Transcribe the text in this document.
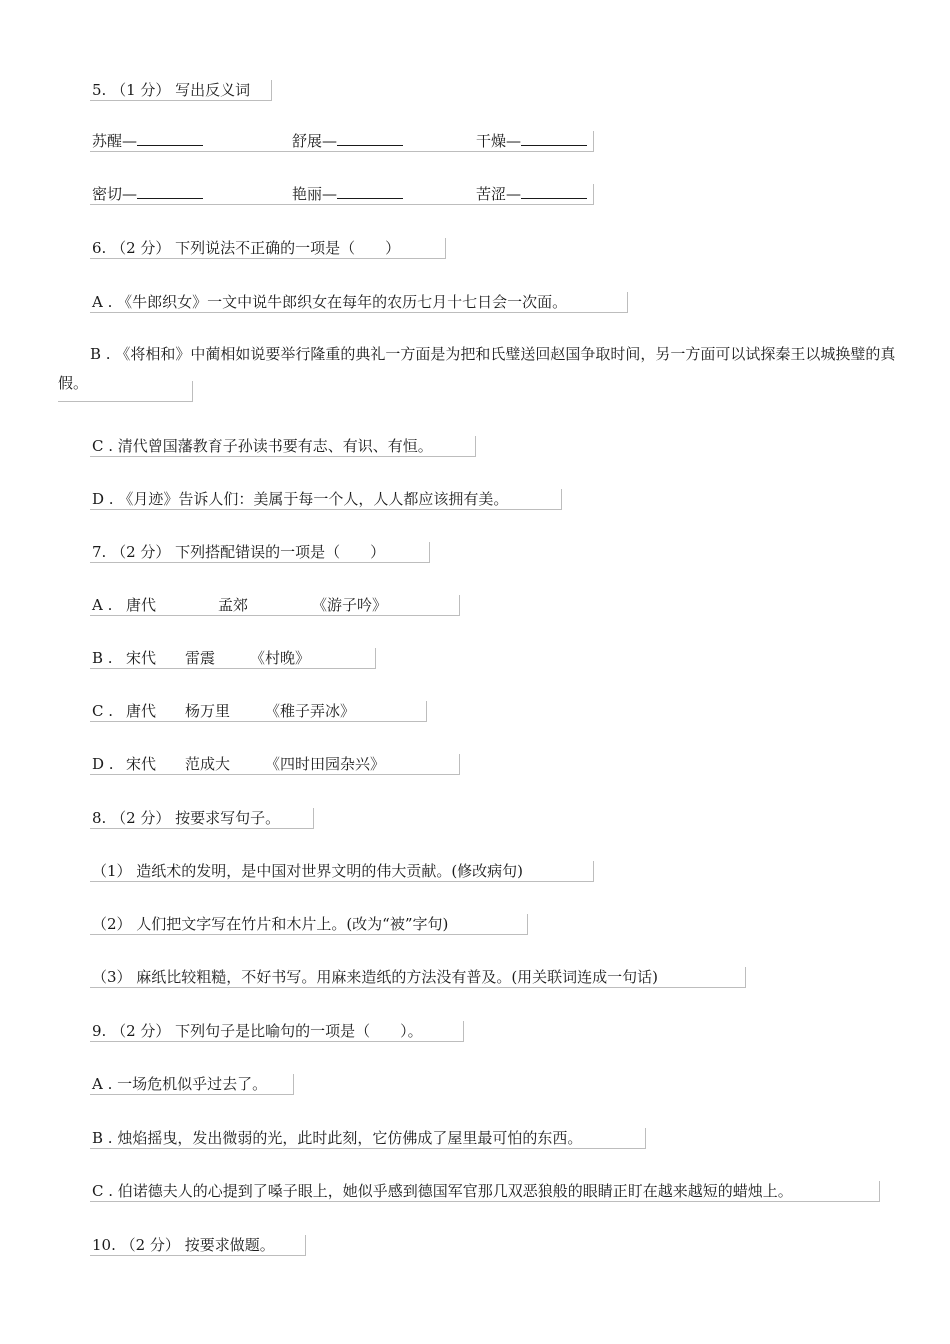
5. （1 分） 写出反义词
苏醒—	舒展—	干燥—
密切—	艳丽—	苦涩—
6. （2 分） 下列说法不正确的一项是（　　）
A . 《牛郎织女》一文中说牛郎织女在每年的农历七月十七日会一次面。
B . 《将相和》中蔺相如说要举行隆重的典礼一方面是为把和氏璧送回赵国争取时间，另一方面可以试探秦王以城换璧的真假。
C . 清代曾国藩教育子孙读书要有志、有识、有恒。
D . 《月迹》告诉人们：美属于每一个人，人人都应该拥有美。
7. （2 分） 下列搭配错误的一项是（　　）
A . 唐代	孟郊	《游子吟》
B . 宋代 雷震 《村晚》
C . 唐代 杨万里 《稚子弄冰》
D . 宋代 范成大 《四时田园杂兴》
8. （2 分） 按要求写句子。
（1） 造纸术的发明，是中国对世界文明的伟大贡献。(修改病句)
（2） 人们把文字写在竹片和木片上。(改为“被”字句)
（3） 麻纸比较粗糙，不好书写。用麻来造纸的方法没有普及。(用关联词连成一句话)
9. （2 分） 下列句子是比喻句的一项是（　　）。
A . 一场危机似乎过去了。
B . 烛焰摇曳，发出微弱的光，此时此刻，它仿佛成了屋里最可怕的东西。
C . 伯诺德夫人的心提到了嗓子眼上，她似乎感到德国军官那几双恶狼般的眼睛正盯在越来越短的蜡烛上。
10. （2 分） 按要求做题。
